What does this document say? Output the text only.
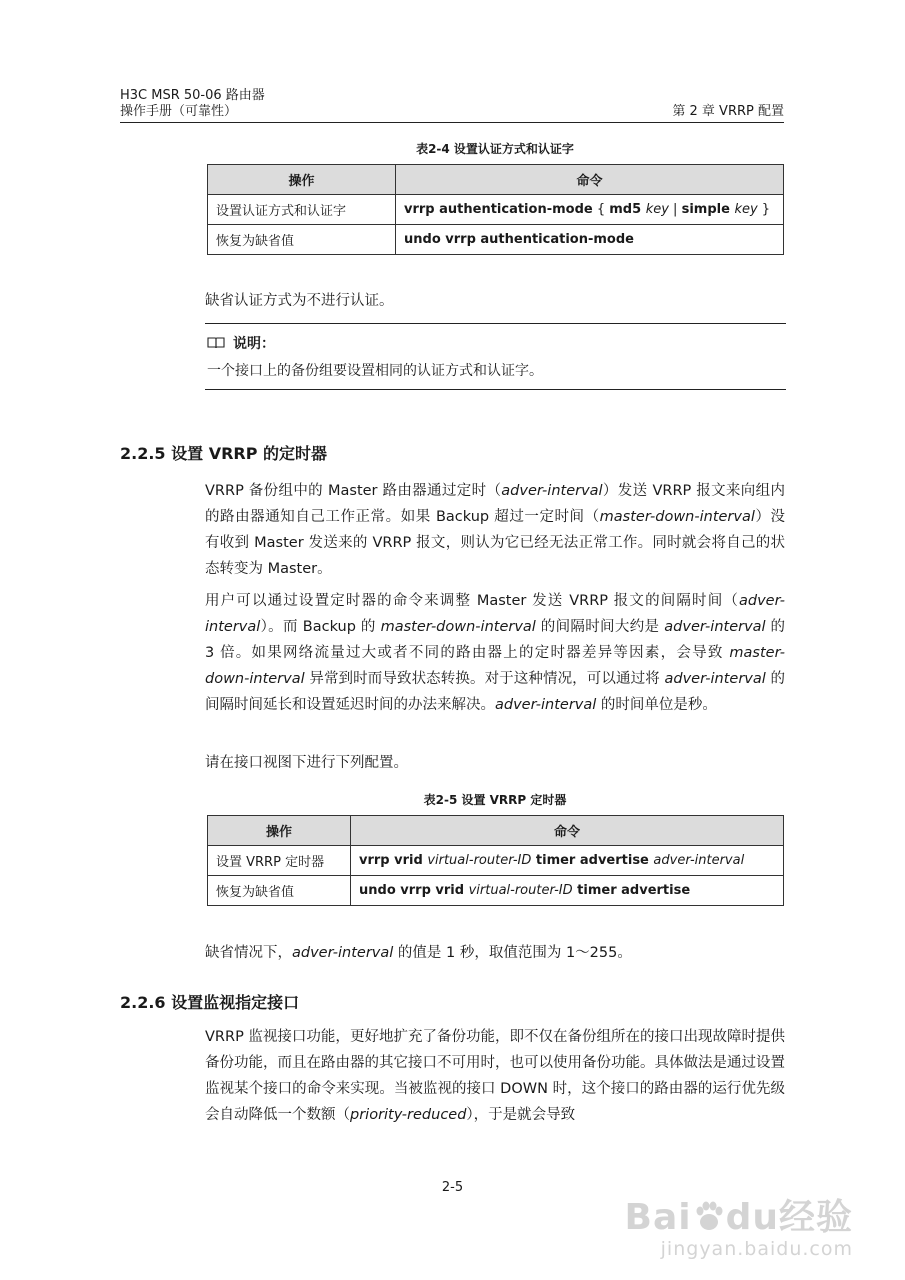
H3C MSR 50-06 路由器
操作手册（可靠性）	第 2 章 VRRP 配置
表2-4 设置认证方式和认证字
操作	命令
设置认证方式和认证字	vrrp authentication-mode { md5 key | simple key }
恢复为缺省值	undo vrrp authentication-mode
缺省认证方式为不进行认证。
说明：
一个接口上的备份组要设置相同的认证方式和认证字。
2.2.5 设置 VRRP 的定时器
VRRP 备份组中的 Master 路由器通过定时（adver-interval）发送 VRRP 报文来向组内的路由器通知自己工作正常。如果 Backup 超过一定时间（master-down-interval）没有收到 Master 发送来的 VRRP 报文，则认为它已经无法正常工作。同时就会将自己的状态转变为 Master。
用户可以通过设置定时器的命令来调整 Master 发送 VRRP 报文的间隔时间（adver-interval）。而 Backup 的 master-down-interval 的间隔时间大约是 adver-interval 的 3 倍。如果网络流量过大或者不同的路由器上的定时器差异等因素，会导致 master-down-interval 异常到时而导致状态转换。对于这种情况，可以通过将 adver-interval 的间隔时间延长和设置延迟时间的办法来解决。adver-interval 的时间单位是秒。
请在接口视图下进行下列配置。
表2-5 设置 VRRP 定时器
操作	命令
设置 VRRP 定时器	vrrp vrid virtual-router-ID timer advertise adver-interval
恢复为缺省值	undo vrrp vrid virtual-router-ID timer advertise
缺省情况下，adver-interval 的值是 1 秒，取值范围为 1～255。
2.2.6 设置监视指定接口
VRRP 监视接口功能，更好地扩充了备份功能，即不仅在备份组所在的接口出现故障时提供备份功能，而且在路由器的其它接口不可用时，也可以使用备份功能。具体做法是通过设置监视某个接口的命令来实现。当被监视的接口 DOWN 时，这个接口的路由器的运行优先级会自动降低一个数额（priority-reduced），于是就会导致
2-5
Bai du经验
jingyan.baidu.com
